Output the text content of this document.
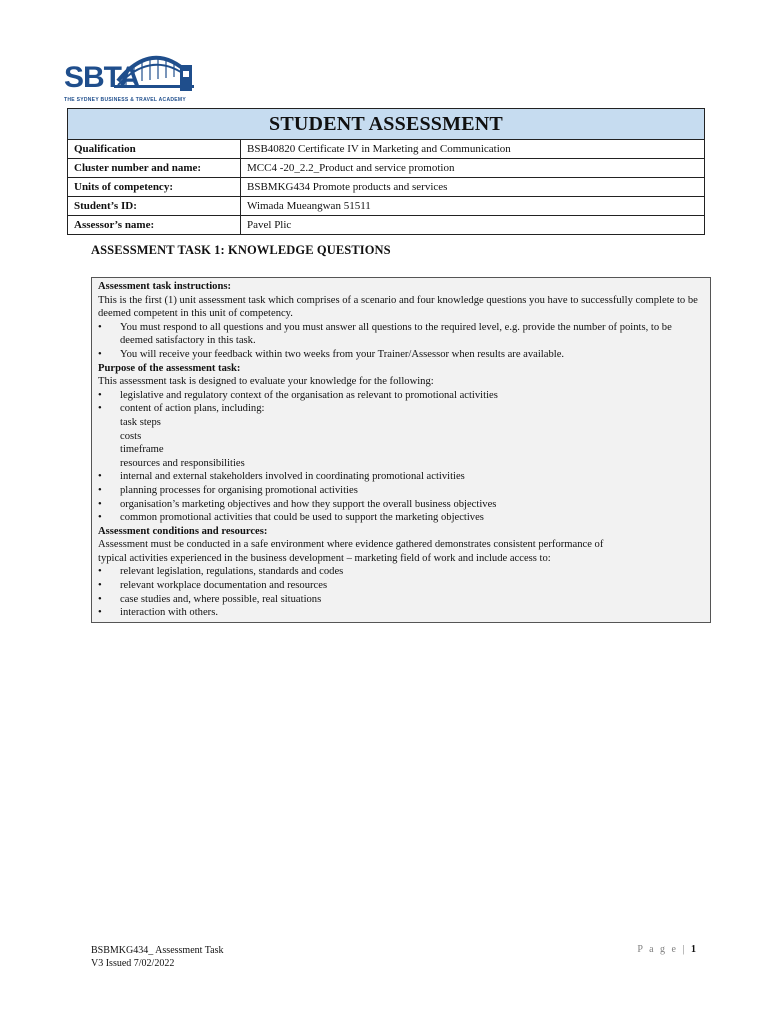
SBTA
THE SYDNEY BUSINESS & TRAVEL ACADEMY
STUDENT ASSESSMENT	
Qualification	BSB40820 Certificate IV in Marketing and Communication
Cluster number and name:	MCC4 -20_2.2_Product and service promotion
Units of competency:	BSBMKG434 Promote products and services
Student’s ID:	Wimada Mueangwan 51511
Assessor’s name:	Pavel Plic
ASSESSMENT TASK 1: KNOWLEDGE QUESTIONS

Assessment task instructions:

This is the first (1) unit assessment task which comprises of a scenario and four knowledge questions you have to successfully complete to be deemed competent in this unit of competency.

•	You must respond to all questions and you must answer all questions to the required level, e.g. provide the number of points, to be deemed satisfactory in this task.
•	You will receive your feedback within two weeks from your Trainer/Assessor when results are available.

Purpose of the assessment task:

This assessment task is designed to evaluate your knowledge for the following:

•	legislative and regulatory context of the organisation as relevant to promotional activities
•	content of action plans, including:
task steps
costs
timeframe
resources and responsibilities
•	internal and external stakeholders involved in coordinating promotional activities
•	planning processes for organising promotional activities
•	organisation’s marketing objectives and how they support the overall business objectives
•	common promotional activities that could be used to support the marketing objectives

Assessment conditions and resources:

Assessment must be conducted in a safe environment where evidence gathered demonstrates consistent performance of

typical activities experienced in the business development – marketing field of work and include access to:

•	relevant legislation, regulations, standards and codes
•	relevant workplace documentation and resources
•	case studies and, where possible, real situations
•	interaction with others.
BSBMKG434_ Assessment Task
V3 Issued 7/02/2022
P a g e | 1
